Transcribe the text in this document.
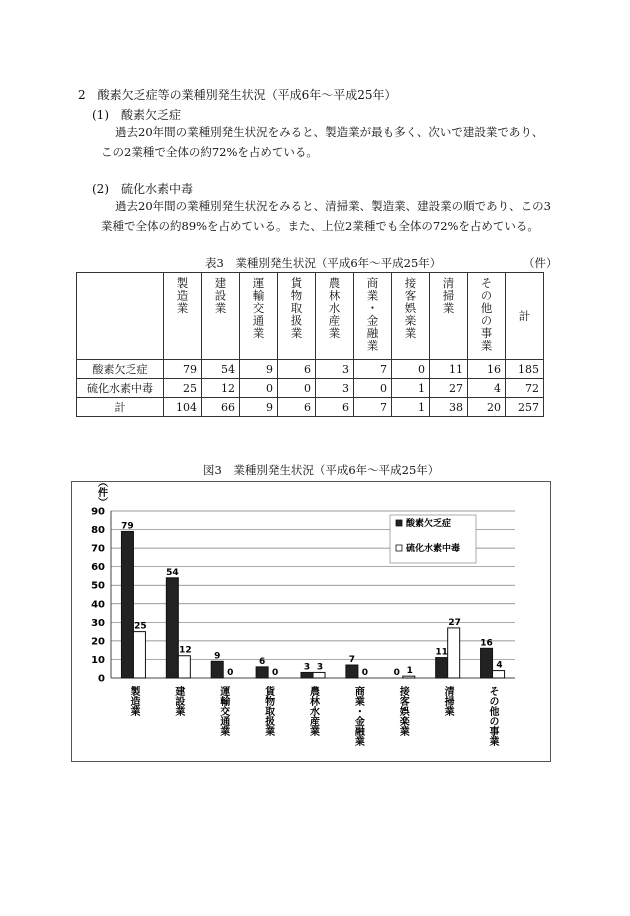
2　酸素欠乏症等の業種別発生状況（平成6年～平成25年）
(1)　酸素欠乏症
過去20年間の業種別発生状況をみると、製造業が最も多く、次いで建設業であり、
この2業種で全体の約72%を占めている。
(2)　硫化水素中毒
過去20年間の業種別発生状況をみると、清掃業、製造業、建設業の順であり、この3
業種で全体の約89%を占めている。また、上位2業種でも全体の72%を占めている。
表3　業種別発生状況（平成6年～平成25年）	（件）
	製造業	建設業	運輸交通業	貨物取扱業	農林水産業	商業・金融業	接客娯楽業	清掃業	その他の事業	計
酸素欠乏症	79	54	9	6	3	7	0	11	16	185
硫化水素中毒	25	12	0	0	3	0	1	27	4	72
計	104	66	9	6	6	7	1	38	20	257
図3　業種別発生状況（平成6年～平成25年）
0
10
20
30
40
50
60
70
80
90
（件）
79
25
製造業
54
12
建設業
9
0
運輸交通業
6
0
貨物取扱業
3 3
農林水産業
7
0
商業・金融業
0 1
接客娯楽業
11
27
清掃業
16
4
その他の事業
酸素欠乏症
硫化水素中毒
